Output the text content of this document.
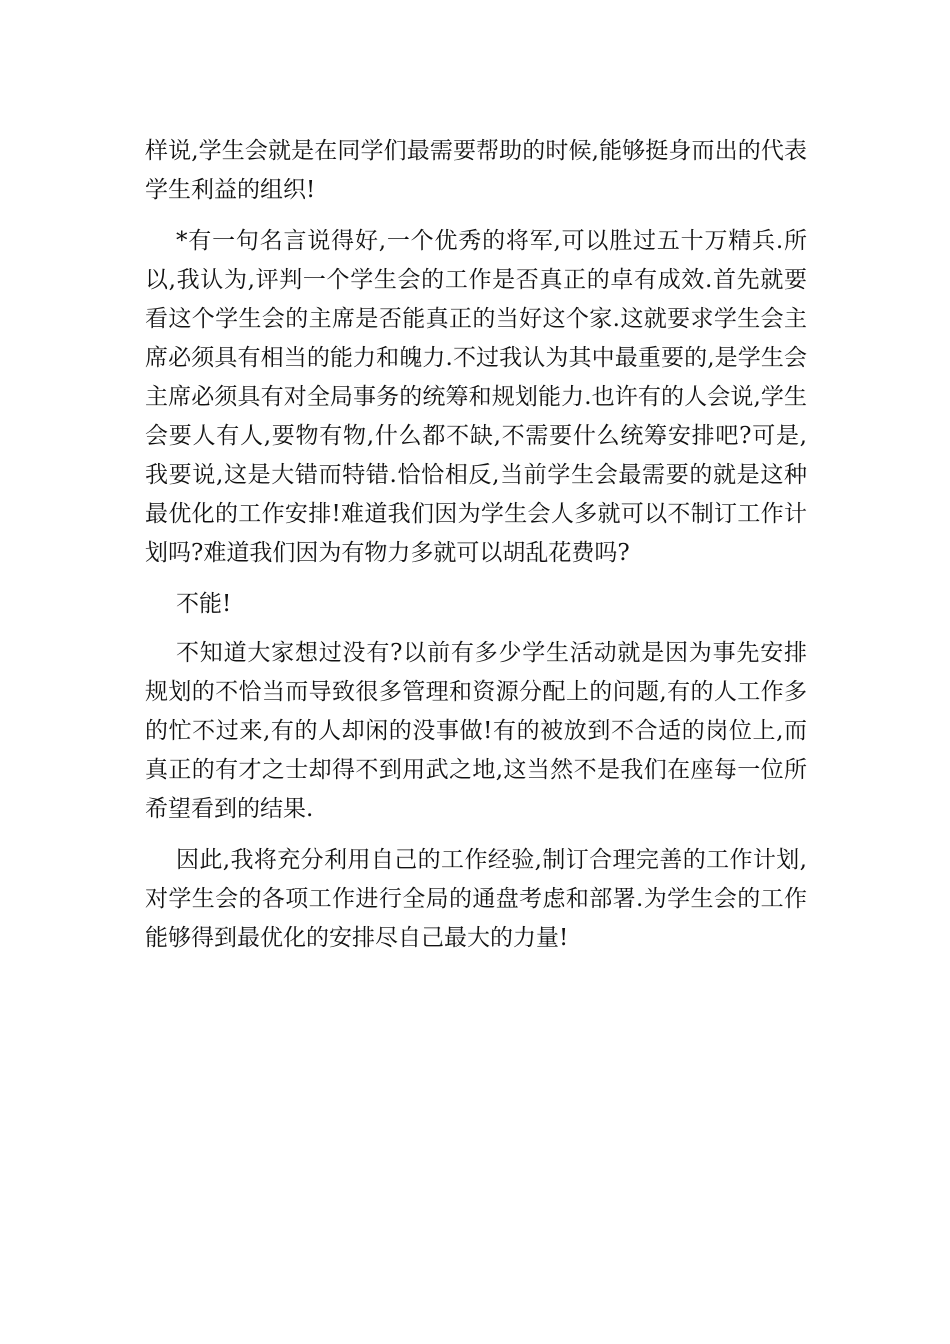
样说,学生会就是在同学们最需要帮助的时候,能够挺身而出的代表学生利益的组织!

*有一句名言说得好,一个优秀的将军,可以胜过五十万精兵.所以,我认为,评判一个学生会的工作是否真正的卓有成效.首先就要看这个学生会的主席是否能真正的当好这个家.这就要求学生会主席必须具有相当的能力和魄力.不过我认为其中最重要的,是学生会主席必须具有对全局事务的统筹和规划能力.也许有的人会说,学生会要人有人,要物有物,什么都不缺,不需要什么统筹安排吧?可是,我要说,这是大错而特错.恰恰相反,当前学生会最需要的就是这种最优化的工作安排!难道我们因为学生会人多就可以不制订工作计划吗?难道我们因为有物力多就可以胡乱花费吗?

不能!

不知道大家想过没有?以前有多少学生活动就是因为事先安排规划的不恰当而导致很多管理和资源分配上的问题,有的人工作多的忙不过来,有的人却闲的没事做!有的被放到不合适的岗位上,而真正的有才之士却得不到用武之地,这当然不是我们在座每一位所希望看到的结果.

因此,我将充分利用自己的工作经验,制订合理完善的工作计划,对学生会的各项工作进行全局的通盘考虑和部署.为学生会的工作能够得到最优化的安排尽自己最大的力量!
